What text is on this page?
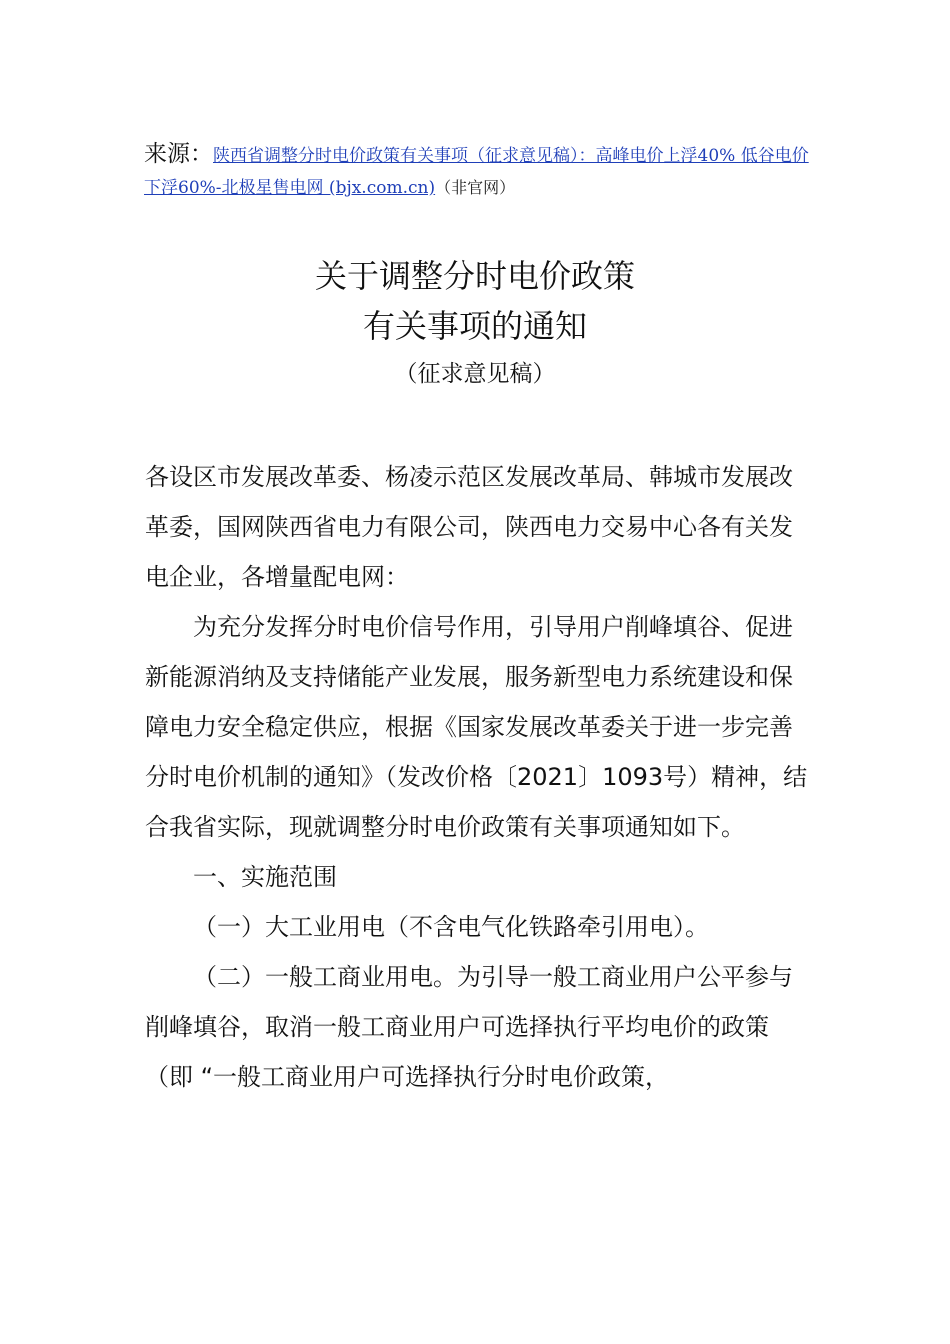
来源：陕西省调整分时电价政策有关事项（征求意见稿）：高峰电价上浮40% 低谷电价下浮60%-北极星售电网 (bjx.com.cn)（非官网）
关于调整分时电价政策
有关事项的通知
（征求意见稿）

各设区市发展改革委、杨凌示范区发展改革局、韩城市发展改革委，国网陕西省电力有限公司，陕西电力交易中心各有关发电企业，各增量配电网：

为充分发挥分时电价信号作用，引导用户削峰填谷、促进新能源消纳及支持储能产业发展，服务新型电力系统建设和保障电力安全稳定供应，根据《国家发展改革委关于进一步完善分时电价机制的通知》（发改价格〔2021〕1093号）精神，结合我省实际，现就调整分时电价政策有关事项通知如下。

一、实施范围

（一）大工业用电（不含电气化铁路牵引用电）。

（二）一般工商业用电。为引导一般工商业用户公平参与削峰填谷，取消一般工商业用户可选择执行平均电价的政策（即 “一般工商业用户可选择执行分时电价政策，
